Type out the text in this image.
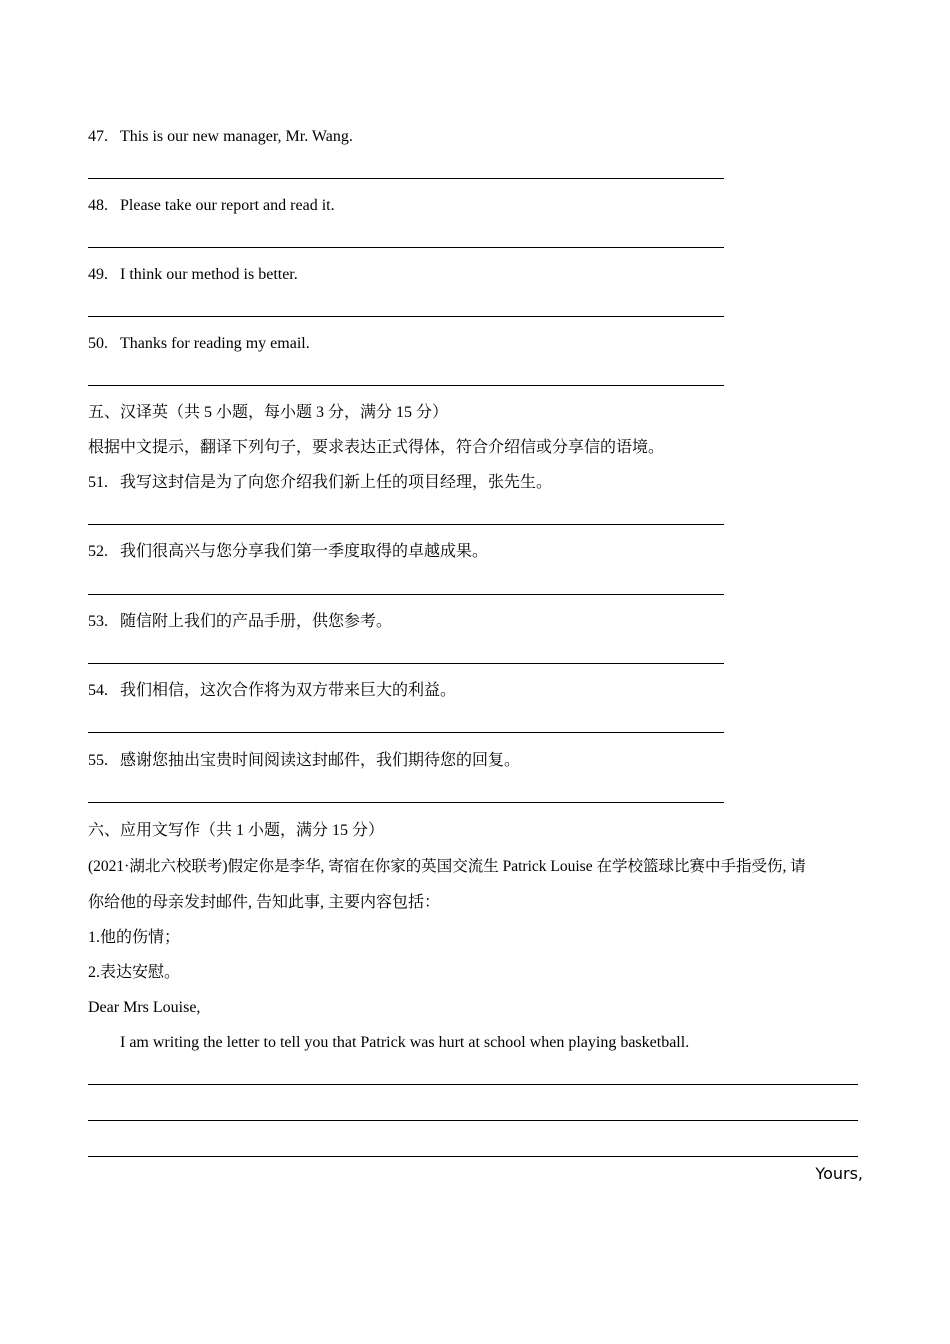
47. This is our new manager, Mr. Wang.
48. Please take our report and read it.
49. I think our method is better.
50. Thanks for reading my email.
五、汉译英（共 5 小题，每小题 3 分，满分 15 分）
根据中文提示，翻译下列句子，要求表达正式得体，符合介绍信或分享信的语境。
51. 我写这封信是为了向您介绍我们新上任的项目经理，张先生。
52. 我们很高兴与您分享我们第一季度取得的卓越成果。
53. 随信附上我们的产品手册，供您参考。
54. 我们相信，这次合作将为双方带来巨大的利益。
55. 感谢您抽出宝贵时间阅读这封邮件，我们期待您的回复。
六、应用文写作（共 1 小题，满分 15 分）
(2021·湖北六校联考)假定你是李华, 寄宿在你家的英国交流生 Patrick Louise 在学校篮球比赛中手指受伤, 请
你给他的母亲发封邮件, 告知此事, 主要内容包括：
1.他的伤情；
2.表达安慰。
Dear Mrs Louise,
I am writing the letter to tell you that Patrick was hurt at school when playing basketball.
Yours,
